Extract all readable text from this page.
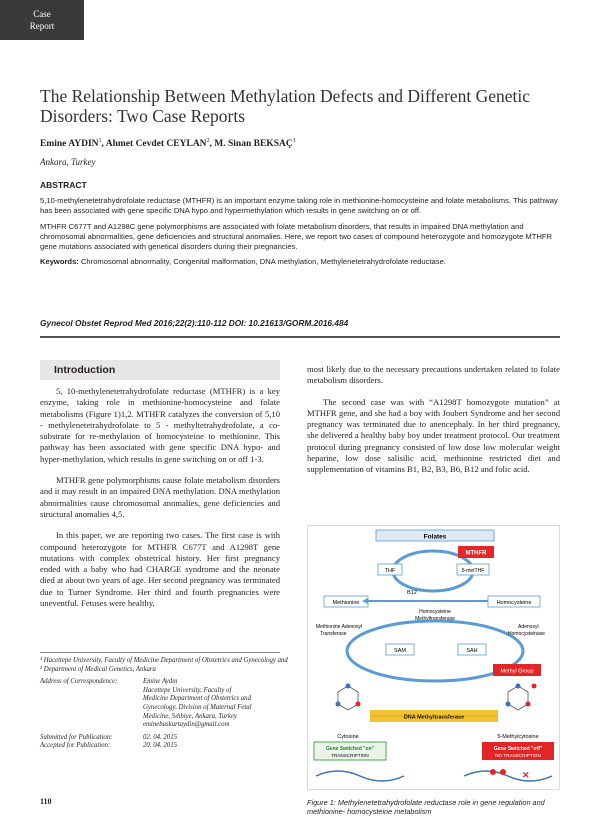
Case
Report
The Relationship Between Methylation Defects and Different Genetic Disorders: Two Case Reports
Emine AYDIN$^1$, Ahmet Cevdet CEYLAN$^2$, M. Sinan BEKSAÇ$^1$
Ankara, Turkey
ABSTRACT

5,10-methylenetetrahydrofolate reductase (MTHFR) is an important enzyme taking role in methionine-homocysteine and folate metabolisms. This pathway has been associated with gene specific DNA hypo and hypermethylation which results in gene switching on or off.

MTHFR C677T and A1298C gene polymorphisms are associated with folate metabolism disorders, that results in impaired DNA methylation and chromosomal abnormalities, gene deficiencies and structural anomalies. Here, we report two cases of compound heterozygote and homozygote MTHFR gene mutations associated with genetical disorders during their pregnancies.

Keywords: Chromosomal abnormality, Congenital malformation, DNA methylation, Methylenetetrahydrofolate reductase.

Gynecol Obstet Reprod Med 2016;22(2):110-112 DOI: 10.21613/GORM.2016.484
Introduction

5, 10-methylenetetrahydrofolate reductase (MTHFR) is a key enzyme, taking role in methionine-homocysteine and folate metabolisms (Figure 1)1,2. MTHFR catalyzes the conversion of 5,10 - methylenetetrahydrofolate to 5 - methyltetrahydrofolate, a co-substrate for re-methylation of homocysteine to methionine. This pathway has been associated with gene specific DNA hypo- and hyper-methylation, which results in gene switching on or off 1-3.

MTHFR gene polymorphisms cause folate metabolism disorders and it may result in an impaired DNA methylation. DNA methylation abnormalities cause chromosomal anomalies, gene deficiencies and structural anomalies 4,5.

In this paper, we are reporting two cases. The first case is with compound heterozygote for MTHFR C677T and A1298T gene mutations with complex obstetrical history. Her first pregnancy ended with a baby who had CHARGE syndrome and the neonate died at about two years of age. Her second pregnancy was terminated due to Turner Syndrome. Her third and fourth pregnancies were uneventful. Fetuses were healthy,

most likely due to the necessary precautions undertaken related to folate metabolism disorders.

The second case was with “A1298T homozygote mutation” at MTHFR gene, and she had a boy with Joubert Syndrome and her second pregnancy was terminated due to anencephaly. In her third pregnancy, she delivered a healthy baby boy under treatment protocol. Our treatment protocol during pregnancy consisted of low dose low molecular weight heparine, low dose salisilic acid, methionine restricted diet and supplementation of vitamins B1, B2, B3, B6, B12 and folic acid.

¹ Hacettepe University, Faculty of Medicine Department of Obstetrics and Gynecology and ² Department of Medical Genetics, Ankara
Address of Correspondence:	Emine Aydın
Hacettepe University, Faculty of
Medicine Department of Obstetrics and
Gynecology, Division of Maternal Fetal
Medicine, Sıhhiye, Ankara, Turkey
eminebaskurtaydin@gmail.com
Submitted for Publication:	02. 04. 2015
Accepted for Publication:	20. 04. 2015
Folates
THF	5-metTHF
MTHFR
B12
Methionine	Homocysteine
Homocysteine
Methyltransferase
Methionine Adenosyl
Transferase
Adenosyl
Homocysteinase
SAM	SAH
Methyl Group
DNA Methyltransferase
Cytosine	5-Methylcytosine
Gene Switched "on"
TRANSCRIPTION
Gene Switched "off"
NO TRANSCRIPTION
✕
Figure 1: Methylenetetrahydrofolate reductase role in gene regulation and methionine- homocysteine metabolism
110
